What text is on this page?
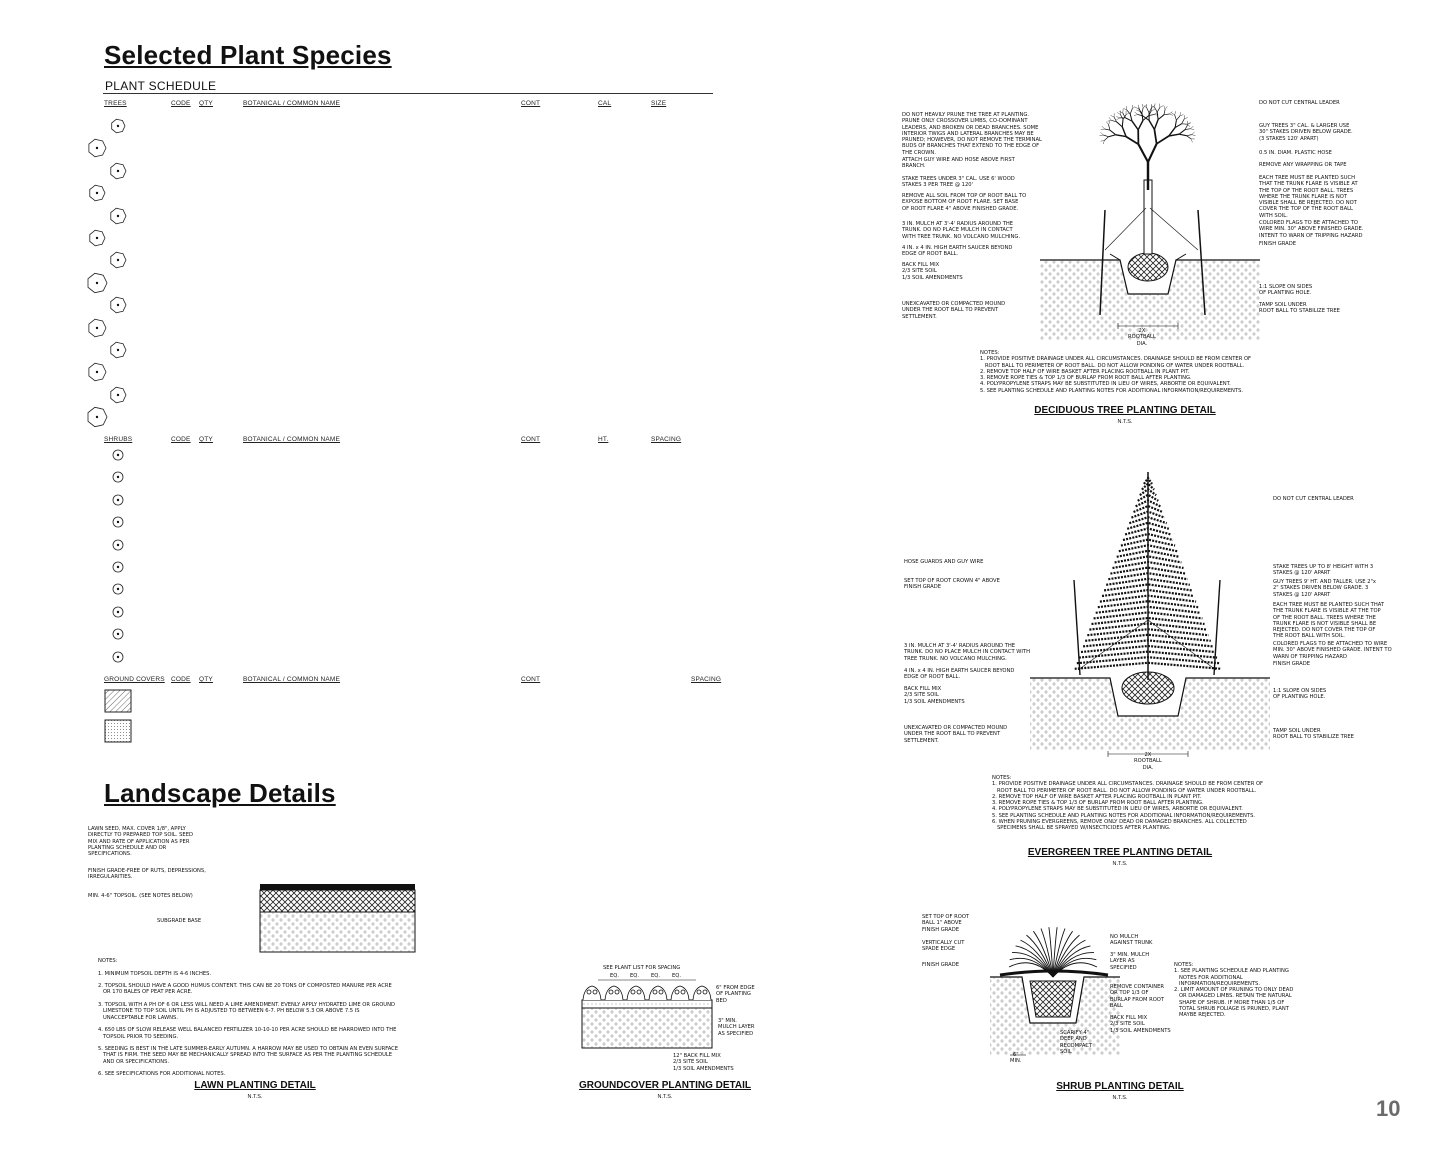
Selected Plant Species
PLANT SCHEDULE
Landscape Details
TREES	CODE QTY	BOTANICAL / COMMON NAME	CONT	CAL	SIZE
SHRUBS	CODE QTY	BOTANICAL / COMMON NAME	CONT	HT.	SPACING
GROUND COVERS CODE QTY	BOTANICAL / COMMON NAME	CONT	SPACING
DO NOT HEAVILY PRUNE THE TREE AT PLANTING.
PRUNE ONLY CROSSOVER LIMBS, CO-DOMINANT
LEADERS, AND BROKEN OR DEAD BRANCHES. SOME
INTERIOR TWIGS AND LATERAL BRANCHES MAY BE
PRUNED; HOWEVER, DO NOT REMOVE THE TERMINAL
BUDS OF BRANCHES THAT EXTEND TO THE EDGE OF
THE CROWN.
ATTACH GUY WIRE AND HOSE ABOVE FIRST
BRANCH.
STAKE TREES UNDER 3" CAL. USE 6' WOOD
STAKES 3 PER TREE @ 120'
REMOVE ALL SOIL FROM TOP OF ROOT BALL TO
EXPOSE BOTTOM OF ROOT FLARE. SET BASE
OF ROOT FLARE 4" ABOVE FINISHED GRADE.
3 IN. MULCH AT 3'-4' RADIUS AROUND THE
TRUNK. DO NO PLACE MULCH IN CONTACT
WITH TREE TRUNK. NO VOLCANO MULCHING.
4 IN. x 4 IN. HIGH EARTH SAUCER BEYOND
EDGE OF ROOT BALL.
BACK FILL MIX
2/3 SITE SOIL
1/3 SOIL AMENDMENTS
UNEXCAVATED OR COMPACTED MOUND
UNDER THE ROOT BALL TO PREVENT
SETTLEMENT.
DO NOT CUT CENTRAL LEADER
GUY TREES 3" CAL. & LARGER USE
30" STAKES DRIVEN BELOW GRADE.
(3 STAKES 120' APART)
0.5 IN. DIAM. PLASTIC HOSE
REMOVE ANY WRAPPING OR TAPE
EACH TREE MUST BE PLANTED SUCH
THAT THE TRUNK FLARE IS VISIBLE AT
THE TOP OF THE ROOT BALL. TREES
WHERE THE TRUNK FLARE IS NOT
VISIBLE SHALL BE REJECTED. DO NOT
COVER THE TOP OF THE ROOT BALL
WITH SOIL.
COLORED FLAGS TO BE ATTACHED TO
WIRE MIN. 30" ABOVE FINISHED GRADE.
INTENT TO WARN OF TRIPPING HAZARD
FINISH GRADE
1:1 SLOPE ON SIDES
OF PLANTING HOLE.
TAMP SOIL UNDER
ROOT BALL TO STABILIZE TREE
2X
ROOTBALL
DIA.
NOTES:
1. PROVIDE POSITIVE DRAINAGE UNDER ALL CIRCUMSTANCES. DRAINAGE SHOULD BE FROM CENTER OF
ROOT BALL TO PERIMETER OF ROOT BALL. DO NOT ALLOW PONDING OF WATER UNDER ROOTBALL.
2. REMOVE TOP HALF OF WIRE BASKET AFTER PLACING ROOTBALL IN PLANT PIT.
3. REMOVE ROPE TIES & TOP 1/3 OF BURLAP FROM ROOT BALL AFTER PLANTING.
4. POLYPROPYLENE STRAPS MAY BE SUBSTITUTED IN LIEU OF WIRES, ARBORTIE OR EQUIVALENT.
5. SEE PLANTING SCHEDULE AND PLANTING NOTES FOR ADDITIONAL INFORMATION/REQUIREMENTS.
DECIDUOUS TREE PLANTING DETAIL
N.T.S.
HOSE GUARDS AND GUY WIRE
SET TOP OF ROOT CROWN 4" ABOVE
FINISH GRADE
3 IN. MULCH AT 3'-4' RADIUS AROUND THE
TRUNK. DO NO PLACE MULCH IN CONTACT WITH
TREE TRUNK. NO VOLCANO MULCHING.
4 IN. x 4 IN. HIGH EARTH SAUCER BEYOND
EDGE OF ROOT BALL.
BACK FILL MIX
2/3 SITE SOIL
1/3 SOIL AMENDMENTS
UNEXCAVATED OR COMPACTED MOUND
UNDER THE ROOT BALL TO PREVENT
SETTLEMENT.
DO NOT CUT CENTRAL LEADER
STAKE TREES UP TO 8' HEIGHT WITH 3
STAKES @ 120' APART
GUY TREES 9' HT. AND TALLER. USE 2"x
2" STAKES DRIVEN BELOW GRADE. 3
STAKES @ 120' APART
EACH TREE MUST BE PLANTED SUCH THAT
THE TRUNK FLARE IS VISIBLE AT THE TOP
OF THE ROOT BALL. TREES WHERE THE
TRUNK FLARE IS NOT VISIBLE SHALL BE
REJECTED. DO NOT COVER THE TOP OF
THE ROOT BALL WITH SOIL.
COLORED FLAGS TO BE ATTACHED TO WIRE
MIN. 30" ABOVE FINISHED GRADE. INTENT TO
WARN OF TRIPPING HAZARD
FINISH GRADE
1:1 SLOPE ON SIDES
OF PLANTING HOLE.
TAMP SOIL UNDER
ROOT BALL TO STABILIZE TREE
2X
ROOTBALL
DIA.
NOTES:
1. PROVIDE POSITIVE DRAINAGE UNDER ALL CIRCUMSTANCES. DRAINAGE SHOULD BE FROM CENTER OF
ROOT BALL TO PERIMETER OF ROOT BALL. DO NOT ALLOW PONDING OF WATER UNDER ROOTBALL.
2. REMOVE TOP HALF OF WIRE BASKET AFTER PLACING ROOTBALL IN PLANT PIT.
3. REMOVE ROPE TIES & TOP 1/3 OF BURLAP FROM ROOT BALL AFTER PLANTING.
4. POLYPROPYLENE STRAPS MAY BE SUBSTITUTED IN LIEU OF WIRES, ARBORTIE OR EQUIVALENT.
5. SEE PLANTING SCHEDULE AND PLANTING NOTES FOR ADDITIONAL INFORMATION/REQUIREMENTS.
6. WHEN PRUNING EVERGREENS, REMOVE ONLY DEAD OR DAMAGED BRANCHES. ALL COLLECTED
SPECIMENS SHALL BE SPRAYED W/INSECTICIDES AFTER PLANTING.
EVERGREEN TREE PLANTING DETAIL
N.T.S.
LAWN SEED, MAX. COVER 1/8", APPLY
DIRECTLY TO PREPARED TOP SOIL. SEED
MIX AND RATE OF APPLICATION AS PER
PLANTING SCHEDULE AND OR
SPECIFICATIONS.
FINISH GRADE-FREE OF RUTS, DEPRESSIONS,
IRREGULARITIES.
MIN. 4-6" TOPSOIL. (SEE NOTES BELOW)
SUBGRADE BASE
NOTES:

1. MINIMUM TOPSOIL DEPTH IS 4-6 INCHES.

2. TOPSOIL SHOULD HAVE A GOOD HUMUS CONTENT. THIS CAN BE 20 TONS OF COMPOSTED MANURE PER ACRE
OR 170 BALES OF PEAT PER ACRE.

3. TOPSOIL WITH A PH OF 6 OR LESS WILL NEED A LIME AMENDMENT. EVENLY APPLY HYDRATED LIME OR GROUND
LIMESTONE TO TOP SOIL UNTIL PH IS ADJUSTED TO BETWEEN 6-7. PH BELOW 5.3 OR ABOVE 7.5 IS
UNACCEPTABLE FOR LAWNS.

4. 650 LBS OF SLOW RELEASE WELL BALANCED FERTILIZER 10-10-10 PER ACRE SHOULD BE HARROWED INTO THE
TOPSOIL PRIOR TO SEEDING.

5. SEEDING IS BEST IN THE LATE SUMMER-EARLY AUTUMN. A HARROW MAY BE USED TO OBTAIN AN EVEN SURFACE
THAT IS FIRM. THE SEED MAY BE MECHANICALLY SPREAD INTO THE SURFACE AS PER THE PLANTING SCHEDULE
AND OR SPECIFICATIONS.

6. SEE SPECIFICATIONS FOR ADDITIONAL NOTES.
LAWN PLANTING DETAIL
N.T.S.
SEE PLANT LIST FOR SPACING
EQ. EQ. EQ. EQ.
6" FROM EDGE
OF PLANTING
BED
3" MIN.
MULCH LAYER
AS SPECIFIED
12" BACK FILL MIX
2/3 SITE SOIL
1/3 SOIL AMENDMENTS
GROUNDCOVER PLANTING DETAIL
N.T.S.
SET TOP OF ROOT
BALL 1" ABOVE
FINISH GRADE
VERTICALLY CUT
SPADE EDGE
FINISH GRADE
NO MULCH
AGAINST TRUNK
3" MIN. MULCH
LAYER AS
SPECIFIED
REMOVE CONTAINER
OR TOP 1/3 OF
BURLAP FROM ROOT
BALL
BACK FILL MIX
2/3 SITE SOIL
1/3 SOIL AMENDMENTS
SCARIFY 4"
DEEP AND
RECOMPACT
SOIL
6"
MIN.
NOTES:
1. SEE PLANTING SCHEDULE AND PLANTING
NOTES FOR ADDITIONAL
INFORMATION/REQUIREMENTS.
2. LIMIT AMOUNT OF PRUNING TO ONLY DEAD
OR DAMAGED LIMBS. RETAIN THE NATURAL
SHAPE OF SHRUB. IF MORE THAN 1/5 OF
TOTAL SHRUB FOLIAGE IS PRUNED, PLANT
MAYBE REJECTED.
SHRUB PLANTING DETAIL
N.T.S.	10
